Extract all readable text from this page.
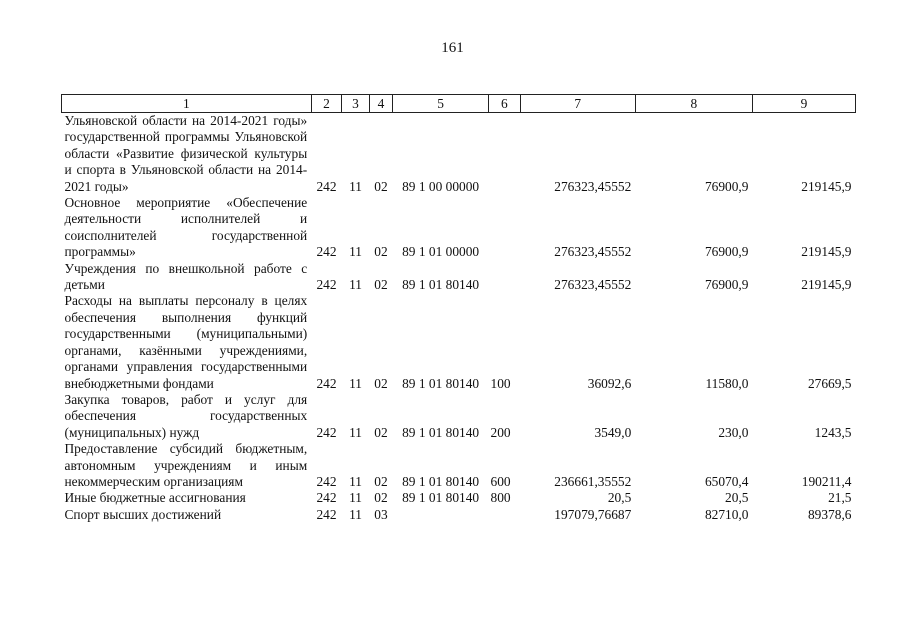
161
1	2	3	4	5	6	7	8	9
Ульяновской области на 2014-2021 годы» государственной программы Ульяновской области «Развитие физической культуры и спорта в Ульяновской области на 2014-2021 годы»	242	11	02	89 1 00 00000		276323,45552	76900,9	219145,9
Основное мероприятие «Обеспечение деятельности исполнителей и соисполнителей государственной программы»	242	11	02	89 1 01 00000		276323,45552	76900,9	219145,9
Учреждения по внешкольной работе с детьми	242	11	02	89 1 01 80140		276323,45552	76900,9	219145,9
Расходы на выплаты персоналу в целях обеспечения выполнения функций государственными (муниципальными) органами, казёнными учреждениями, органами управления государственными внебюджетными фондами	242	11	02	89 1 01 80140	100	36092,6	11580,0	27669,5
Закупка товаров, работ и услуг для обеспечения государственных (муниципальных) нужд	242	11	02	89 1 01 80140	200	3549,0	230,0	1243,5
Предоставление субсидий бюджетным, автономным учреждениям и иным некоммерческим организациям	242	11	02	89 1 01 80140	600	236661,35552	65070,4	190211,4
Иные бюджетные ассигнования	242	11	02	89 1 01 80140	800	20,5	20,5	21,5
Спорт высших достижений	242	11	03			197079,76687	82710,0	89378,6
